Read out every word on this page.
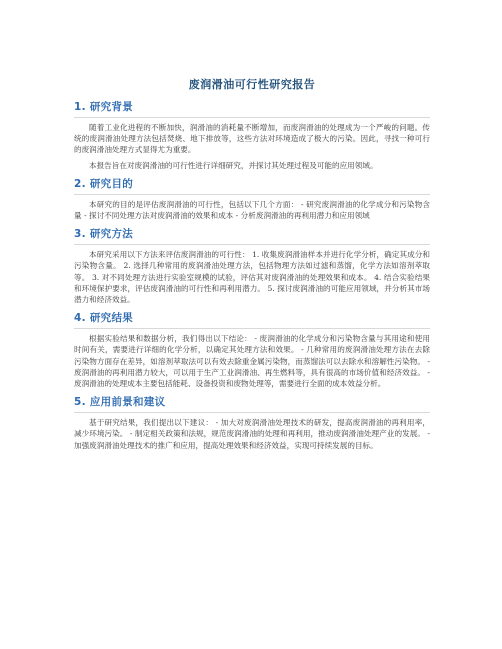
废润滑油可行性研究报告
1. 研究背景

随着工业化进程的不断加快，润滑油的消耗量不断增加，而废润滑油的处理成为一个严峻的问题。传统的废润滑油处理方法包括焚烧、地下排放等，这些方法对环境造成了极大的污染。因此，寻找一种可行的废润滑油处理方式显得尤为重要。

本报告旨在对废润滑油的可行性进行详细研究，并探讨其处理过程及可能的应用领域。

2. 研究目的

本研究的目的是评估废润滑油的可行性，包括以下几个方面： - 研究废润滑油的化学成分和污染物含量 - 探讨不同处理方法对废润滑油的效果和成本 - 分析废润滑油的再利用潜力和应用领域

3. 研究方法

本研究采用以下方法来评估废润滑油的可行性： 1. 收集废润滑油样本并进行化学分析，确定其成分和污染物含量。 2. 选择几种常用的废润滑油处理方法，包括物理方法如过滤和蒸馏，化学方法如溶剂萃取等。 3. 对不同处理方法进行实验室规模的试验，评估其对废润滑油的处理效果和成本。 4. 结合实验结果和环境保护要求，评估废润滑油的可行性和再利用潜力。 5. 探讨废润滑油的可能应用领域，并分析其市场潜力和经济效益。

4. 研究结果

根据实验结果和数据分析，我们得出以下结论： - 废润滑油的化学成分和污染物含量与其用途和使用时间有关，需要进行详细的化学分析，以确定其处理方法和效果。 - 几种常用的废润滑油处理方法在去除污染物方面存在差异，如溶剂萃取法可以有效去除重金属污染物，而蒸馏法可以去除水和溶解性污染物。 - 废润滑油的再利用潜力较大，可以用于生产工业润滑油、再生燃料等，具有很高的市场价值和经济效益。 - 废润滑油的处理成本主要包括能耗、设备投资和废物处理等，需要进行全面的成本效益分析。

5. 应用前景和建议

基于研究结果，我们提出以下建议： - 加大对废润滑油处理技术的研发，提高废润滑油的再利用率，减少环境污染。 - 制定相关政策和法规，规范废润滑油的处理和再利用，推动废润滑油处理产业的发展。 - 加强废润滑油处理技术的推广和应用，提高处理效果和经济效益，实现可持续发展的目标。
